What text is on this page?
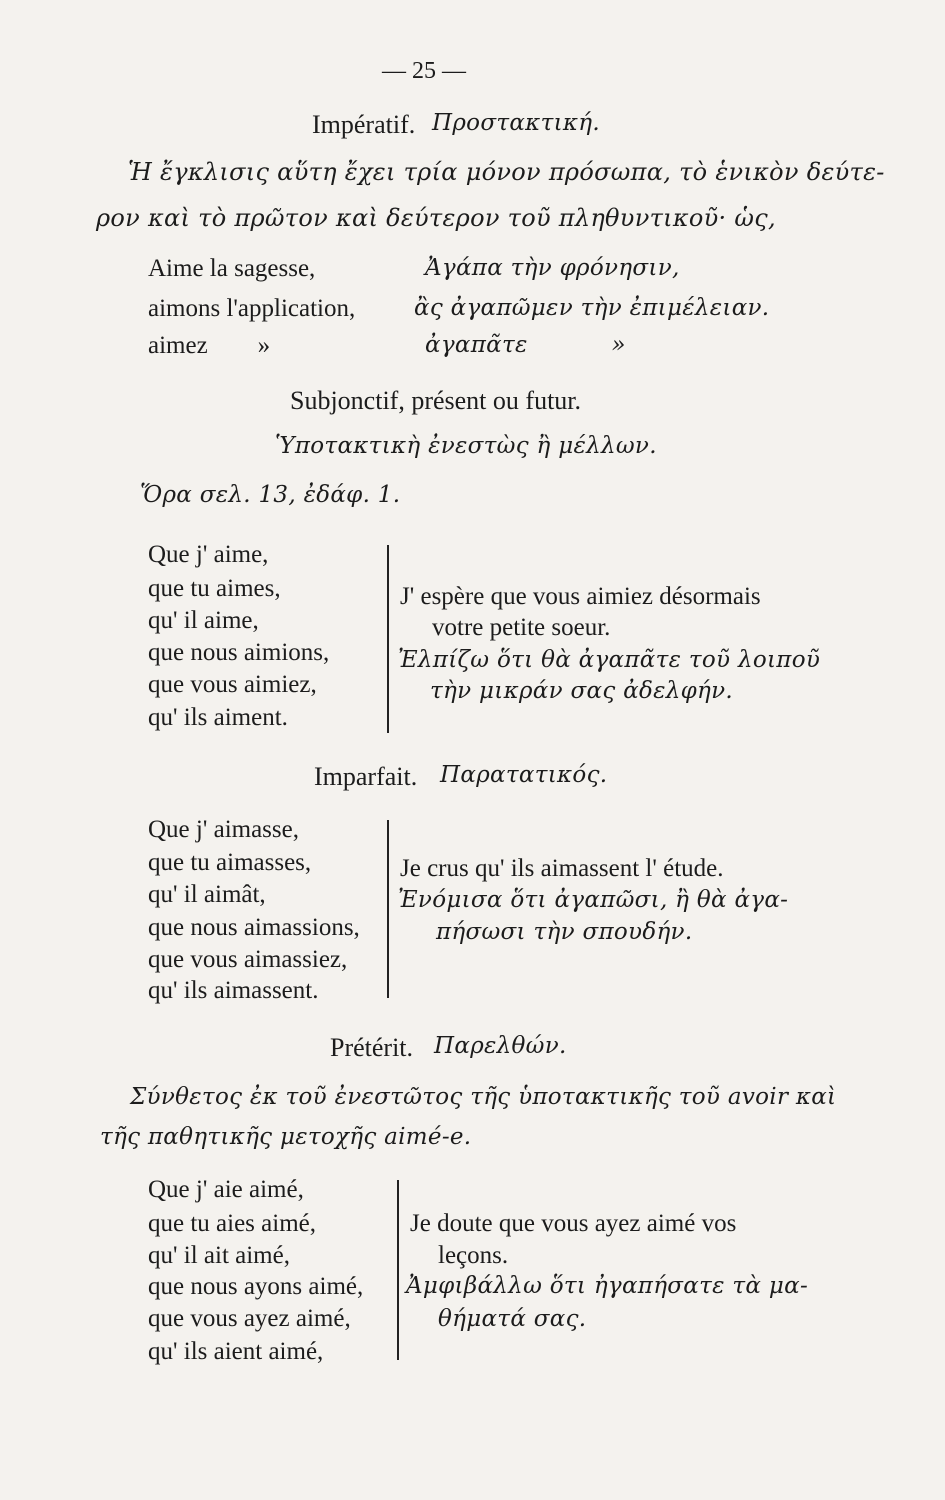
— 25 —
Impératif. Προστακτική.
Ἡ ἔγκλισις αὕτη ἔχει τρία μόνον πρόσωπα, τὸ ἑνικὸν δεύτε-
ρον καὶ τὸ πρῶτον καὶ δεύτερον τοῦ πληθυντικοῦ· ὡς,
Aime la sagesse,	Ἀγάπα τὴν φρόνησιν,
aimons l'application,	ἂς ἀγαπῶμεν τὴν ἐπιμέλειαν.
aimez        »	ἀγαπᾶτε           »
Subjonctif, présent ou futur.
Ὑποτακτικὴ ἐνεστὼς ἢ μέλλων.
Ὅρα σελ. 13, ἐδάφ. 1.
Que j' aime,
que tu aimes,
qu' il aime,
que nous aimions,
que vous aimiez,
qu' ils aiment.
J' espère que vous aimiez désormais
votre petite soeur.
Ἐλπίζω ὅτι θὰ ἀγαπᾶτε τοῦ λοιποῦ
τὴν μικράν σας ἀδελφήν.
Imparfait. Παρατατικός.
Que j' aimasse,
que tu aimasses,
qu' il aimât,
que nous aimassions,
que vous aimassiez,
qu' ils aimassent.
Je crus qu' ils aimassent l' étude.
Ἐνόμισα ὅτι ἀγαπῶσι, ἢ θὰ ἀγα-
πήσωσι τὴν σπουδήν.
Prétérit. Παρελθών.
Σύνθετος ἐκ τοῦ ἐνεστῶτος τῆς ὑποτακτικῆς τοῦ avoir καὶ
τῆς παθητικῆς μετοχῆς aimé-e.
Que j' aie aimé,
que tu aies aimé,
qu' il ait aimé,
que nous ayons aimé,
que vous ayez aimé,
qu' ils aient aimé,
Je doute que vous ayez aimé vos
leçons.
Ἀμφιβάλλω ὅτι ἠγαπήσατε τὰ μα-
θήματά σας.
